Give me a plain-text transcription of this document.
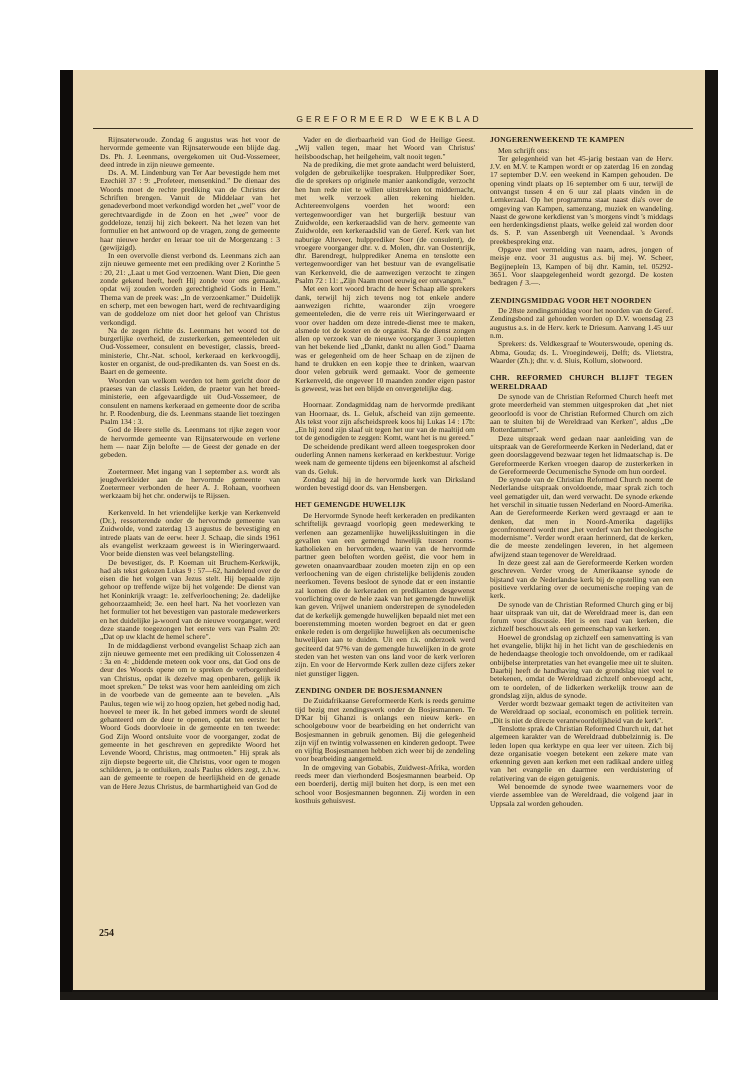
GEREFORMEERD WEEKBLAD

Rijnsaterwoude. Zondag 6 augustus was het voor de hervormde gemeente van Rijnsaterwoude een blijde dag. Ds. Ph. J. Leenmans, overgekomen uit Oud-Vossemeer, deed intrede in zijn nieuwe gemeente.

Ds. A. M. Lindenburg van Ter Aar bevestigde hem met Ezechiël 37 : 9: „Profeteer, mensenkind." De dienaar des Woords moet de rechte prediking van de Christus der Schriften brengen. Vanuit de Middelaar van het genadeverbond moet verkondigd worden het „wel" voor de gerechtvaardigde in de Zoon en het „wee" voor de goddeloze, tenzij hij zich bekeert. Na het lezen van het formulier en het antwoord op de vragen, zong de gemeente haar nieuwe herder en leraar toe uit de Morgenzang : 3 (gewijzigd).

In een overvolle dienst verbond ds. Leenmans zich aan zijn nieuwe gemeente met een prediking over 2 Korinthe 5 : 20, 21: „Laat u met God verzoenen. Want Dien, Die geen zonde gekend heeft, heeft Hij zonde voor ons gemaakt, opdat wij zouden worden gerechtigheid Gods in Hem." Thema van de preek was: „In de verzoenkamer." Duidelijk en scherp, met een bewogen hart, werd de rechtvaardiging van de goddeloze om niet door het geloof van Christus verkondigd.

Na de zegen richtte ds. Leenmans het woord tot de burgerlijke overheid, de zusterkerken, gemeenteleden uit Oud-Vossemeer, consulent en bevestiger, classis, breed-ministerie, Chr.-Nat. school, kerkeraad en kerkvoogdij, koster en organist, de oud-predikanten ds. van Soest en ds. Baart en de gemeente.

Woorden van welkom werden tot hem gericht door de praeses van de classis Leiden, de praetor van het breed-ministerie, een afgevaardigde uit Oud-Vossemeer, de consulent en namens kerkeraad en gemeente door de scriba hr. P. Roodenburg, die ds. Leenmans staande liet toezingen Psalm 134 : 3.

God de Heere stelle ds. Leenmans tot rijke zegen voor de hervormde gemeente van Rijnsaterwoude en verlene hem — naar Zijn belofte — de Geest der genade en der gebeden.

Zoetermeer. Met ingang van 1 september a.s. wordt als jeugdwerkleider aan de hervormde gemeente van Zoetermeer verbonden de heer A. J. Rohaan, voorheen werkzaam bij het chr. onderwijs te Rijssen.

Kerkenveld. In het vriendelijke kerkje van Kerkenveld (Dr.), ressorterende onder de hervormde gemeente van Zuidwolde, vond zaterdag 13 augustus de bevestiging en intrede plaats van de eerw. heer J. Schaap, die sinds 1961 als evangelist werkzaam geweest is in Wieringerwaard. Voor beide diensten was veel belangstelling.

De bevestiger, ds. P. Koeman uit Bruchem-Kerkwijk, had als tekst gekozen Lukas 9 : 57—62, handelend over de eisen die het volgen van Jezus stelt. Hij bepaalde zijn gehoor op treffende wijze bij het volgende: De dienst van het Koninkrijk vraagt: 1e. zelfverloochening; 2e. dadelijke gehoorzaamheid; 3e. een heel hart. Na het voorlezen van het formulier tot het bevestigen van pastorale medewerkers en het duidelijke ja-woord van de nieuwe voorganger, werd deze staande toegezongen het eerste vers van Psalm 20: „Dat op uw klacht de hemel schere".

In de middagdienst verbond evangelist Schaap zich aan zijn nieuwe gemeente met een prediking uit Colossenzen 4 : 3a en 4: „biddende meteen ook voor ons, dat God ons de deur des Woords opene om te spreken de verborgenheid van Christus, opdat ik dezelve mag openbaren, gelijk ik moet spreken." De tekst was voor hem aanleiding om zich in de voorbede van de gemeente aan te bevelen. „Als Paulus, tegen wie wij zo hoog opzien, het gebed nodig had, hoeveel te meer ik. In het gebed immers wordt de sleutel gehanteerd om de deur te openen, opdat ten eerste: het Woord Gods doorvloeie in de gemeente en ten tweede: God Zijn Woord ontsluite voor de voorganger, zodat de gemeente in het geschreven en gepredikte Woord het Levende Woord, Christus, mag ontmoeten." Hij sprak als zijn diepste begeerte uit, die Christus, voor ogen te mogen schilderen, ja te ontluiken, zoals Paulus elders zegt, z.h.w. aan de gemeente te roepen de heerlijkheid en de genade van de Here Jezus Christus, de barmhartigheid van God de

Vader en de dierbaarheid van God de Heilige Geest. „Wij vallen tegen, maar het Woord van Christus' heilsboodschap, het heilgeheim, valt nooit tegen."

Na de prediking, die met grote aandacht werd beluisterd, volgden de gebruikelijke toespraken. Hulpprediker Soer, die de sprekers op originele manier aankondigde, verzocht hen hun rede niet te willen uitstrekken tot middernacht, met welk verzoek allen rekening hielden. Achtereenvolgens voerden het woord: een vertegenwoordiger van het burgerlijk bestuur van Zuidwolde, een kerkeraadslid van de herv. gemeente van Zuidwolde, een kerkeraadslid van de Geref. Kerk van het naburige Alteveer, hulpprediker Soer (de consulent), de vroegere voorganger dhr. v. d. Molen, dhr. van Oostenrijk, dhr. Barendregt, hulpprediker Anema en tenslotte een vertegenwoordiger van het bestuur van de evangelisatie van Kerkenveld, die de aanwezigen verzocht te zingen Psalm 72 : 11: „Zijn Naam moet eeuwig eer ontvangen."

Met een kort woord bracht de heer Schaap alle sprekers dank, terwijl hij zich tevens nog tot enkele andere aanwezigen richtte, waaronder zijn vroegere gemeenteleden, die de verre reis uit Wieringerwaard er voor over hadden om deze intrede-dienst mee te maken, alsmede tot de koster en de organist. Na de dienst zongen allen op verzoek van de nieuwe voorganger 3 coupletten van het bekende lied „Dankt, dankt nu allen God." Daarna was er gelegenheid om de heer Schaap en de zijnen de hand te drukken en een kopje thee te drinken, waarvan door velen gebruik werd gemaakt. Voor de gemeente Kerkenveld, die ongeveer 10 maanden zonder eigen pastor is geweest, was het een blijde en onvergetelijke dag.

Hoornaar. Zondagmiddag nam de hervormde predikant van Hoornaar, ds. L. Geluk, afscheid van zijn gemeente. Als tekst voor zijn afscheidspreek koos hij Lukas 14 : 17b: „En hij zond zijn slaaf uit tegen het uur van de maaltijd om tot de genodigden te zeggen: Komt, want het is nu gereed."

De scheidende predikant werd alleen toegesproken door ouderling Annen namens kerkeraad en kerkbestuur. Vorige week nam de gemeente tijdens een bijeenkomst al afscheid van ds. Geluk.

Zondag zal hij in de hervormde kerk van Dirksland worden bevestigd door ds. van Hensbergen.

HET GEMENGDE HUWELIJK

De Hervormde Synode heeft kerkeraden en predikanten schriftelijk gevraagd voorlopig geen medewerking te verlenen aan gezamenlijke huwelijkssluitingen in die gevallen van een gemengd huwelijk tussen rooms-katholieken en hervormden, waarin van de hervormde partner geen beloften worden geëist, die voor hem in geweten onaanvaardbaar zouden moeten zijn en op een verloochening van de eigen christelijke belijdenis zouden neerkomen. Tevens besloot de synode dat er een instantie zal komen die de kerkeraden en predikanten desgewenst voorlichting over de hele zaak van het gemengde huwelijk kan geven. Vrijwel unaniem onderstrepen de synodeleden dat de kerkelijk gemengde huwelijken bepaald niet met een boerenstemming moeten worden begroet en dat er geen enkele reden is om dergelijke huwelijken als oecumenische huwelijken aan te duiden. Uit een r.k. onderzoek werd geciteerd dat 97% van de gemengde huwelijken in de grote steden van het westen van ons land voor de kerk verloren zijn. En voor de Hervormde Kerk zullen deze cijfers zeker niet gunstiger liggen.

ZENDING ONDER DE BOSJESMANNEN

De Zuidafrikaanse Gereformeerde Kerk is reeds geruime tijd bezig met zendingswerk onder de Bosjesmannen. Te D'Kar bij Ghanzi is onlangs een nieuw kerk- en schoolgebouw voor de bearbeiding en het onderricht van Bosjesmannen in gebruik genomen. Bij die gelegenheid zijn vijf en twintig volwassenen en kinderen gedoopt. Twee en vijftig Bosjesmannen hebben zich weer bij de zendeling voor bearbeiding aangemeld.

In de omgeving van Gobabis, Zuidwest-Afrika, worden reeds meer dan vierhonderd Bosjesmannen bearbeid. Op een boerderij, dertig mijl buiten het dorp, is een met een school voor Bosjesmannen begonnen. Zij worden in een kosthuis gehuisvest.

JONGERENWEEKEND TE KAMPEN

Men schrijft ons:

Ter gelegenheid van het 45-jarig bestaan van de Herv. J.V. en M.V. te Kampen wordt er op zaterdag 16 en zondag 17 september D.V. een weekend in Kampen gehouden. De opening vindt plaats op 16 september om 6 uur, terwijl de ontvangst tussen 4 en 6 uur zal plaats vinden in de Lemkerzaal. Op het programma staat naast dia's over de omgeving van Kampen, samenzang, muziek en wandeling. Naast de gewone kerkdienst van 's morgens vindt 's middags een herdenkingsdienst plaats, welke geleid zal worden door ds. S. P. van Assenbergh uit Veenendaal. 's Avonds preekbespreking enz.

Opgave met vermelding van naam, adres, jongen of meisje enz. voor 31 augustus a.s. bij mej. W. Scheer, Begijnepleín 13, Kampen of bij dhr. Kamin, tel. 05292-3651. Voor slaapgelegenheid wordt gezorgd. De kosten bedragen ƒ 3.—.

ZENDINGSMIDDAG VOOR HET NOORDEN

De 28ste zendingsmiddag voor het noorden van de Geref. Zendingsbond zal gehouden worden op D.V. woensdag 23 augustus a.s. in de Herv. kerk te Driesum. Aanvang 1.45 uur n.m.

Sprekers: ds. Veldkesgraaf te Wouterswoude, opening ds. Abma, Gouda; ds. L. Vroegindeweij, Delft; ds. Vlietstra, Waarder (Zh.); dhr. v. d. Sluis, Kollum, slotwoord.

CHR. REFORMED CHURCH BLIJFT TEGEN WERELDRAAD

De synode van de Christian Reformed Church heeft met grote meerderheid van stemmen uitgesproken dat „het niet geoorloofd is voor de Christian Reformed Church om zich aan te sluiten bij de Wereldraad van Kerken", aldus „De Rotterdammer".

Deze uitspraak werd gedaan naar aanleiding van de uitspraak van de Gereformeerde Kerken in Nederland, dat er geen doorslaggevend bezwaar tegen het lidmaatschap is. De Gereformeerde Kerken vroegen daarop de zusterkerken in de Gereformeerde Oecumenische Synode om hun oordeel.

De synode van de Christian Reformed Church noemt de Nederlandse uitspraak onvoldoende, maar sprak zich toch veel gematigder uit, dan werd verwacht. De synode erkende het verschil in situatie tussen Nederland en Noord-Amerika. Aan de Gereformeerde Kerken werd gevraagd er aan te denken, dat men in Noord-Amerika dagelijks geconfronteerd wordt met „het verderf van het theologische modernisme". Verder wordt eraan herinnerd, dat de kerken, die de meeste zendelingen leveren, in het algemeen afwijzend staan tegenover de Wereldraad.

In deze geest zal aan de Gereformeerde Kerken worden geschreven. Verder vroeg de Amerikaanse synode de bijstand van de Nederlandse kerk bij de opstelling van een positieve verklaring over de oecumenische roeping van de kerk.

De synode van de Christian Reformed Church ging er bij haar uitspraak van uit, dat de Wereldraad meer is, dan een forum voor discussie. Het is een raad van kerken, die zichzelf beschouwt als een gemeenschap van kerken.

Hoewel de grondslag op zichzelf een samenvatting is van het evangelie, blijkt hij in het licht van de geschiedenis en de hedendaagse theologie toch onvoldoende, om er radikaal onbijbelse interpretaties van het evangelie mee uit te sluiten. Daarbij heeft de handhaving van de grondslag niet veel te betekenen, omdat de Wereldraad zichzelf onbevoegd acht, om te oordelen, of de lidkerken werkelijk trouw aan de grondslag zijn, aldus de synode.

Verder wordt bezwaar gemaakt tegen de activiteiten van de Wereldraad op sociaal, economisch en politiek terrein. „Dit is niet de directe verantwoordelijkheid van de kerk".

Tenslotte sprak de Christian Reformed Church uit, dat het algemeen karakter van de Wereldraad dubbelzinnig is. De leden lopen qua kerktype en qua leer ver uiteen. Zich bij deze organisatie voegen betekent een zekere mate van erkenning geven aan kerken met een radikaal andere uitleg van het evangelie en daarmee een verduistering of relativering van de eigen getuigenis.

Wel benoemde de synode twee waarnemers voor de vierde assemblee van de Wereldraad, die volgend jaar in Uppsala zal worden gehouden.

254
